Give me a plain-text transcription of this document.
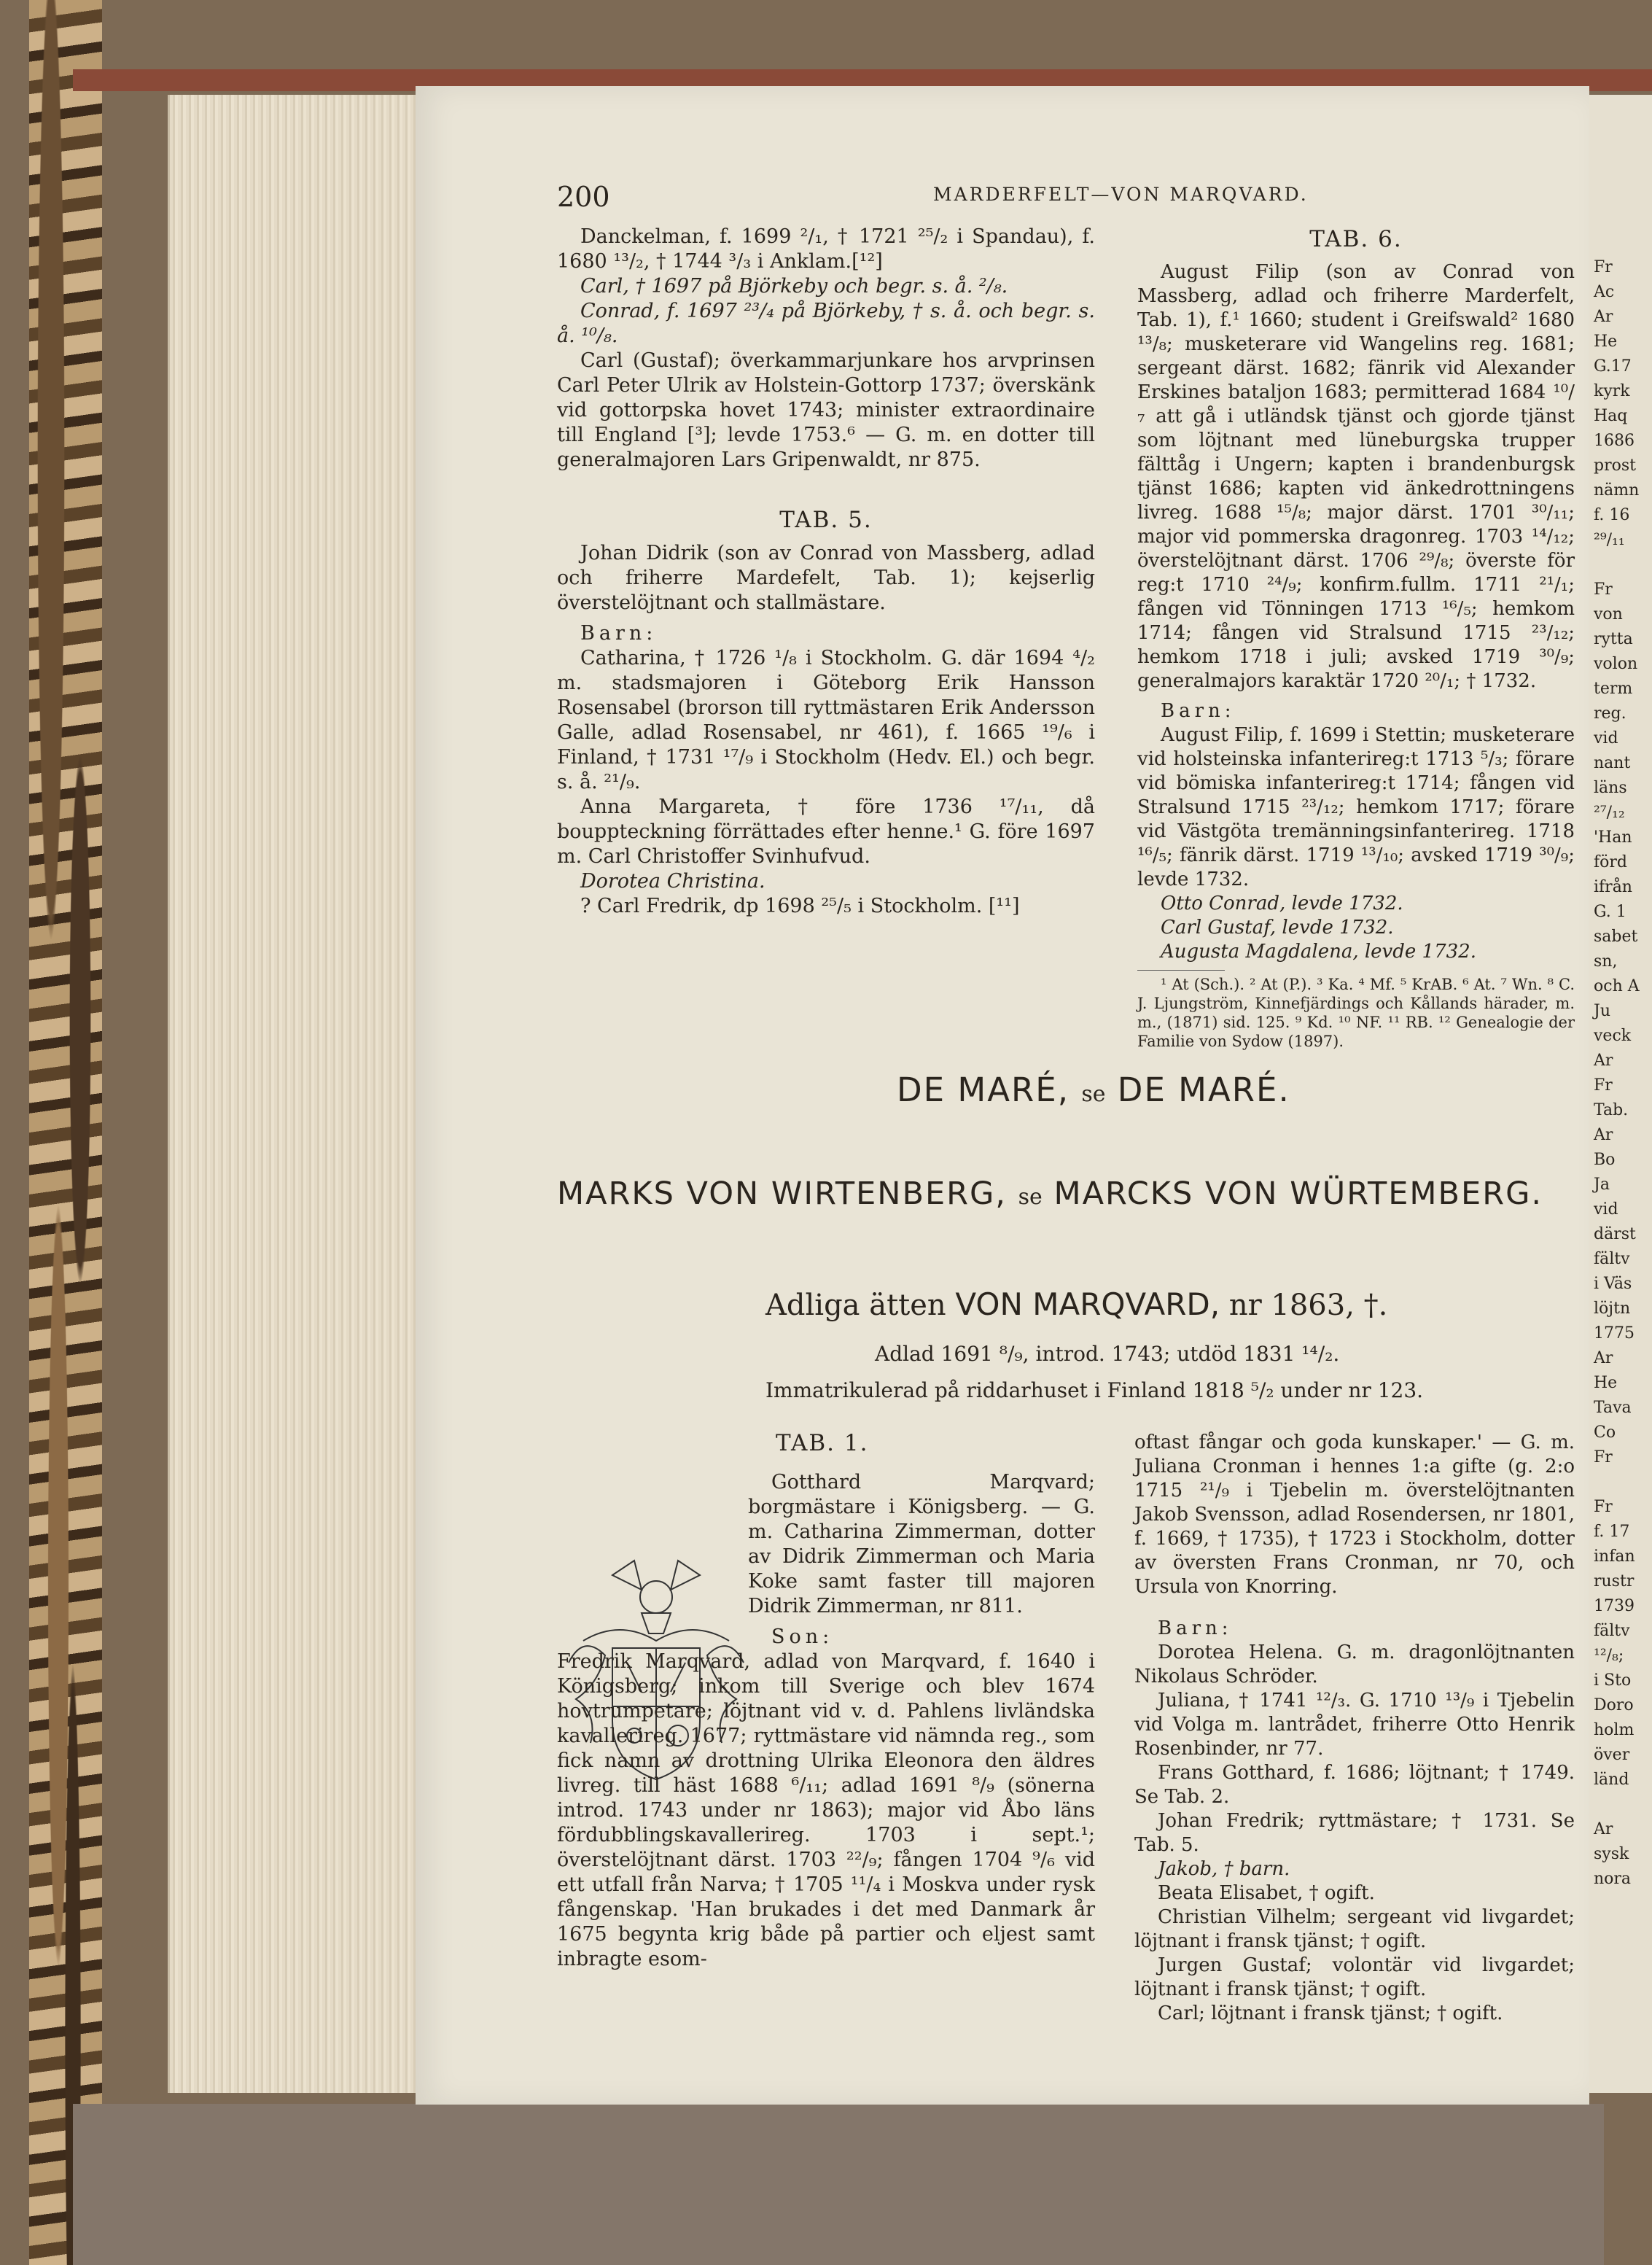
Fr
Ac
Ar
He
G.17
kyrk
Haq
1686
prost
nämn
f. 16
²⁹/₁₁

Fr
von
rytta
volon
term
reg.
vid
nant
läns
²⁷/₁₂
'Han
förd
ifrån
G. 1
sabet
sn,
och A
Ju
veck
Ar
Fr
Tab.
Ar
Bo
Ja
vid
därst
fältv
i Väs
löjtn
1775
Ar
He
Tava
Co
Fr

Fr
f. 17
infan
rustr
1739
fältv
¹²/₈;
i Sto
Doro
holm
över
länd

Ar
sysk
nora
200	MARDERFELT—VON MARQVARD.

Danckelman, f. 1699 ²/₁, † 1721 ²⁵/₂ i Spandau), f. 1680 ¹³/₂, † 1744 ³/₃ i Anklam.[¹²]

Carl, † 1697 på Björkeby och begr. s. å. ²/₈.

Conrad, f. 1697 ²³/₄ på Björkeby, † s. å. och begr. s. å. ¹⁰/₈.

Carl (Gustaf); överkammarjunkare hos arvprinsen Carl Peter Ulrik av Holstein-Gottorp 1737; överskänk vid gottorpska hovet 1743; minister extraordinaire till England [³]; levde 1753.⁶ — G. m. en dotter till generalmajoren Lars Gripenwaldt, nr 875.

TAB. 5.

Johan Didrik (son av Conrad von Massberg, adlad och friherre Mardefelt, Tab. 1); kejserlig överstelöjtnant och stallmästare.

Barn:

Catharina, † 1726 ¹/₈ i Stockholm. G. där 1694 ⁴/₂ m. stadsmajoren i Göteborg Erik Hansson Rosensabel (brorson till ryttmästaren Erik Andersson Galle, adlad Rosensabel, nr 461), f. 1665 ¹⁹/₆ i Finland, † 1731 ¹⁷/₉ i Stockholm (Hedv. El.) och begr. s. å. ²¹/₉.

Anna Margareta, † före 1736 ¹⁷/₁₁, då bouppteckning förrättades efter henne.¹ G. före 1697 m. Carl Christoffer Svinhufvud.

Dorotea Christina.

? Carl Fredrik, dp 1698 ²⁵/₅ i Stockholm. [¹¹]

TAB. 6.

August Filip (son av Conrad von Massberg, adlad och friherre Marderfelt, Tab. 1), f.¹ 1660; student i Greifswald² 1680 ¹³/₈; musketerare vid Wangelins reg. 1681; sergeant därst. 1682; fänrik vid Alexander Erskines bataljon 1683; permitterad 1684 ¹⁰/₇ att gå i utländsk tjänst och gjorde tjänst som löjtnant med lüneburgska trupper fälttåg i Ungern; kapten i brandenburgsk tjänst 1686; kapten vid änkedrottningens livreg. 1688 ¹⁵/₈; major därst. 1701 ³⁰/₁₁; major vid pommerska dragonreg. 1703 ¹⁴/₁₂; överstelöjtnant därst. 1706 ²⁹/₈; överste för reg:t 1710 ²⁴/₉; konfirm.fullm. 1711 ²¹/₁; fången vid Tönningen 1713 ¹⁶/₅; hemkom 1714; fången vid Stralsund 1715 ²³/₁₂; hemkom 1718 i juli; avsked 1719 ³⁰/₉; generalmajors karaktär 1720 ²⁰/₁; † 1732.

Barn:

August Filip, f. 1699 i Stettin; musketerare vid holsteinska infanterireg:t 1713 ⁵/₃; förare vid bömiska infanterireg:t 1714; fången vid Stralsund 1715 ²³/₁₂; hemkom 1717; förare vid Västgöta tremänningsinfanterireg. 1718 ¹⁶/₅; fänrik därst. 1719 ¹³/₁₀; avsked 1719 ³⁰/₉; levde 1732.

Otto Conrad, levde 1732.

Carl Gustaf, levde 1732.

Augusta Magdalena, levde 1732.

¹ At (Sch.). ² At (P.). ³ Ka. ⁴ Mf. ⁵ KrAB. ⁶ At. ⁷ Wn. ⁸ C. J. Ljungström, Kinnefjärdings och Kållands härader, m. m., (1871) sid. 125. ⁹ Kd. ¹⁰ NF. ¹¹ RB. ¹² Genealogie der Familie von Sydow (1897).

DE MARÉ, se DE MARÉ.
MARKS VON WIRTENBERG, se MARCKS VON WÜRTEMBERG.
Adliga ätten VON MARQVARD, nr 1863, †.
Adlad 1691 ⁸/₉, introd. 1743; utdöd 1831 ¹⁴/₂.
Immatrikulerad på riddarhuset i Finland 1818 ⁵/₂ under nr 123.

TAB. 1.

Gotthard Marqvard; borgmästare i Königsberg. — G. m. Catharina Zimmerman, dotter av Didrik Zimmerman och Maria Koke samt faster till majoren Didrik Zimmerman, nr 811.

Son:

Fredrik Marqvard, adlad von Marqvard, f. 1640 i Königsberg; inkom till Sverige och blev 1674 hovtrumpetare; löjtnant vid v. d. Pahlens livländska kavallerireg. 1677; ryttmästare vid nämnda reg., som fick namn av drottning Ulrika Eleonora den äldres livreg. till häst 1688 ⁶/₁₁; adlad 1691 ⁸/₉ (sönerna introd. 1743 under nr 1863); major vid Åbo läns fördubblingskavallerireg. 1703 i sept.¹; överstelöjtnant därst. 1703 ²²/₉; fången 1704 ⁹/₆ vid ett utfall från Narva; † 1705 ¹¹/₄ i Moskva under rysk fångenskap. 'Han brukades i det med Danmark år 1675 begynta krig både på partier och eljest samt inbragte esom-

oftast fångar och goda kunskaper.' — G. m. Juliana Cronman i hennes 1:a gifte (g. 2:o 1715 ²¹/₉ i Tjebelin m. överstelöjtnanten Jakob Svensson, adlad Rosendersen, nr 1801, f. 1669, † 1735), † 1723 i Stockholm, dotter av översten Frans Cronman, nr 70, och Ursula von Knorring.

Barn:

Dorotea Helena. G. m. dragonlöjtnanten Nikolaus Schröder.

Juliana, † 1741 ¹²/₃. G. 1710 ¹³/₉ i Tjebelin vid Volga m. lantrådet, friherre Otto Henrik Rosenbinder, nr 77.

Frans Gotthard, f. 1686; löjtnant; † 1749. Se Tab. 2.

Johan Fredrik; ryttmästare; † 1731. Se Tab. 5.

Jakob, † barn.

Beata Elisabet, † ogift.

Christian Vilhelm; sergeant vid livgardet; löjtnant i fransk tjänst; † ogift.

Jurgen Gustaf; volontär vid livgardet; löjtnant i fransk tjänst; † ogift.

Carl; löjtnant i fransk tjänst; † ogift.
